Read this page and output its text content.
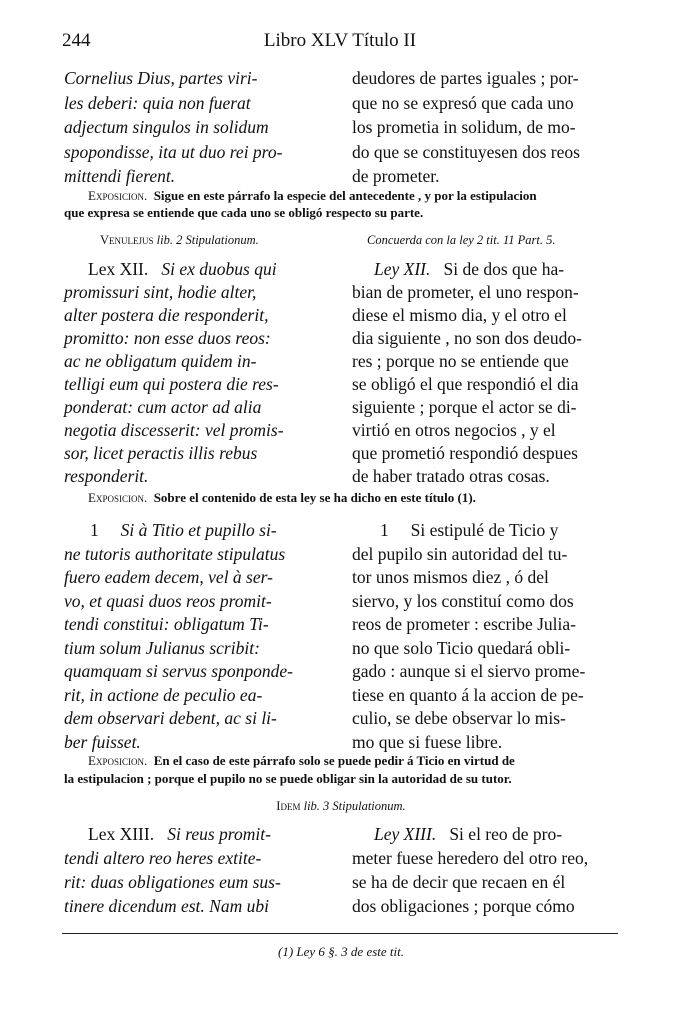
244	Libro XLV Título II
Cornelius Dius, partes viri-
les deberi: quia non fuerat
adjectum singulos in solidum
spopondisse, ita ut duo rei pro-
mittendi fierent.
deudores de partes iguales ; por-
que no se expresó que cada uno
los prometia in solidum, de mo-
do que se constituyesen dos reos
de prometer.
Exposicion. Sigue en este párrafo la especie del antecedente , y por la estipulacion
que expresa se entiende que cada uno se obligó respecto su parte.
Venulejus lib. 2 Stipulationum.	Concuerda con la ley 2 tit. 11 Part. 5.
Lex XII. Si ex duobus qui
promissuri sint, hodie alter,
alter postera die responderit,
promitto: non esse duos reos:
ac ne obligatum quidem in-
telligi eum qui postera die res-
ponderat: cum actor ad alia
negotia discesserit: vel promis-
sor, licet peractis illis rebus
responderit.
Ley XII. Si de dos que ha-
bian de prometer, el uno respon-
diese el mismo dia, y el otro el
dia siguiente , no son dos deudo-
res ; porque no se entiende que
se obligó el que respondió el dia
siguiente ; porque el actor se di-
virtió en otros negocios , y el
que prometió respondió despues
de haber tratado otras cosas.
Exposicion. Sobre el contenido de esta ley se ha dicho en este título (1).
1 Si à Titio et pupillo si-
ne tutoris authoritate stipulatus
fuero eadem decem, vel à ser-
vo, et quasi duos reos promit-
tendi constitui: obligatum Ti-
tium solum Julianus scribit:
quamquam si servus sponponde-
rit, in actione de peculio ea-
dem observari debent, ac si li-
ber fuisset.
1 Si estipulé de Ticio y
del pupilo sin autoridad del tu-
tor unos mismos diez , ó del
siervo, y los constituí como dos
reos de prometer : escribe Julia-
no que solo Ticio quedará obli-
gado : aunque si el siervo prome-
tiese en quanto á la accion de pe-
culio, se debe observar lo mis-
mo que si fuese libre.
Exposicion. En el caso de este párrafo solo se puede pedir á Ticio en virtud de
la estipulacion ; porque el pupilo no se puede obligar sin la autoridad de su tutor.
Idem lib. 3 Stipulationum.
Lex XIII. Si reus promit-
tendi altero reo heres extite-
rit: duas obligationes eum sus-
tinere dicendum est. Nam ubi
Ley XIII. Si el reo de pro-
meter fuese heredero del otro reo,
se ha de decir que recaen en él
dos obligaciones ; porque cómo
(1) Ley 6 §. 3 de este tit.
